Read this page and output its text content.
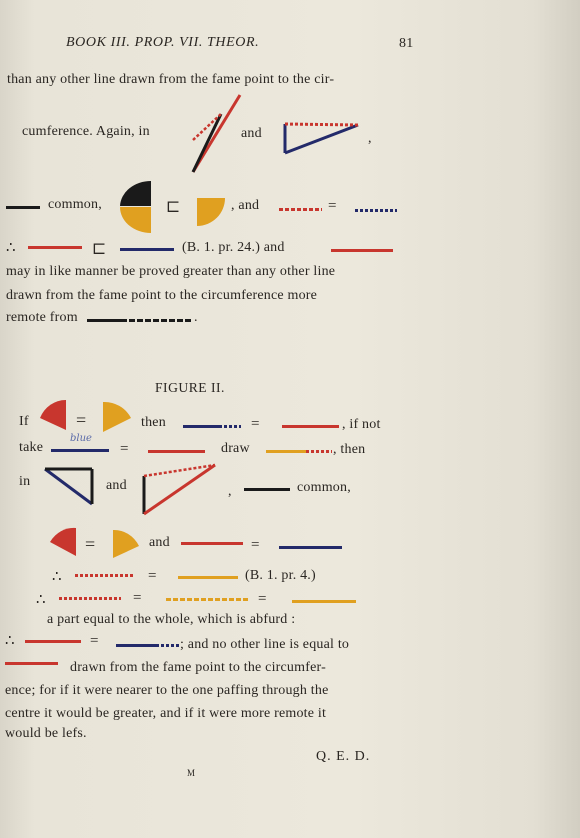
BOOK III. PROP. VII. THEOR.	81
than any other line drawn from the fame point to the cir-
cumference. Again, in	and	,
common,	⊏	, and	=
∴	⊏	(B. 1. pr. 24.) and
may in like manner be proved greater than any other line
drawn from the fame point to the circumference more
remote from	.
FIGURE II.
If	=	then	=	, if not
take
blue
=	draw	, then
in	and	,	common,
=	and	=
∴	=	(B. 1. pr. 4.)
∴	=	=
a part equal to the whole, which is abfurd :
∴	=	; and no other line is equal to
drawn from the fame point to the circumfer-
ence; for if it were nearer to the one paffing through the
centre it would be greater, and if it were more remote it
would be lefs.
Q. E. D.
M
